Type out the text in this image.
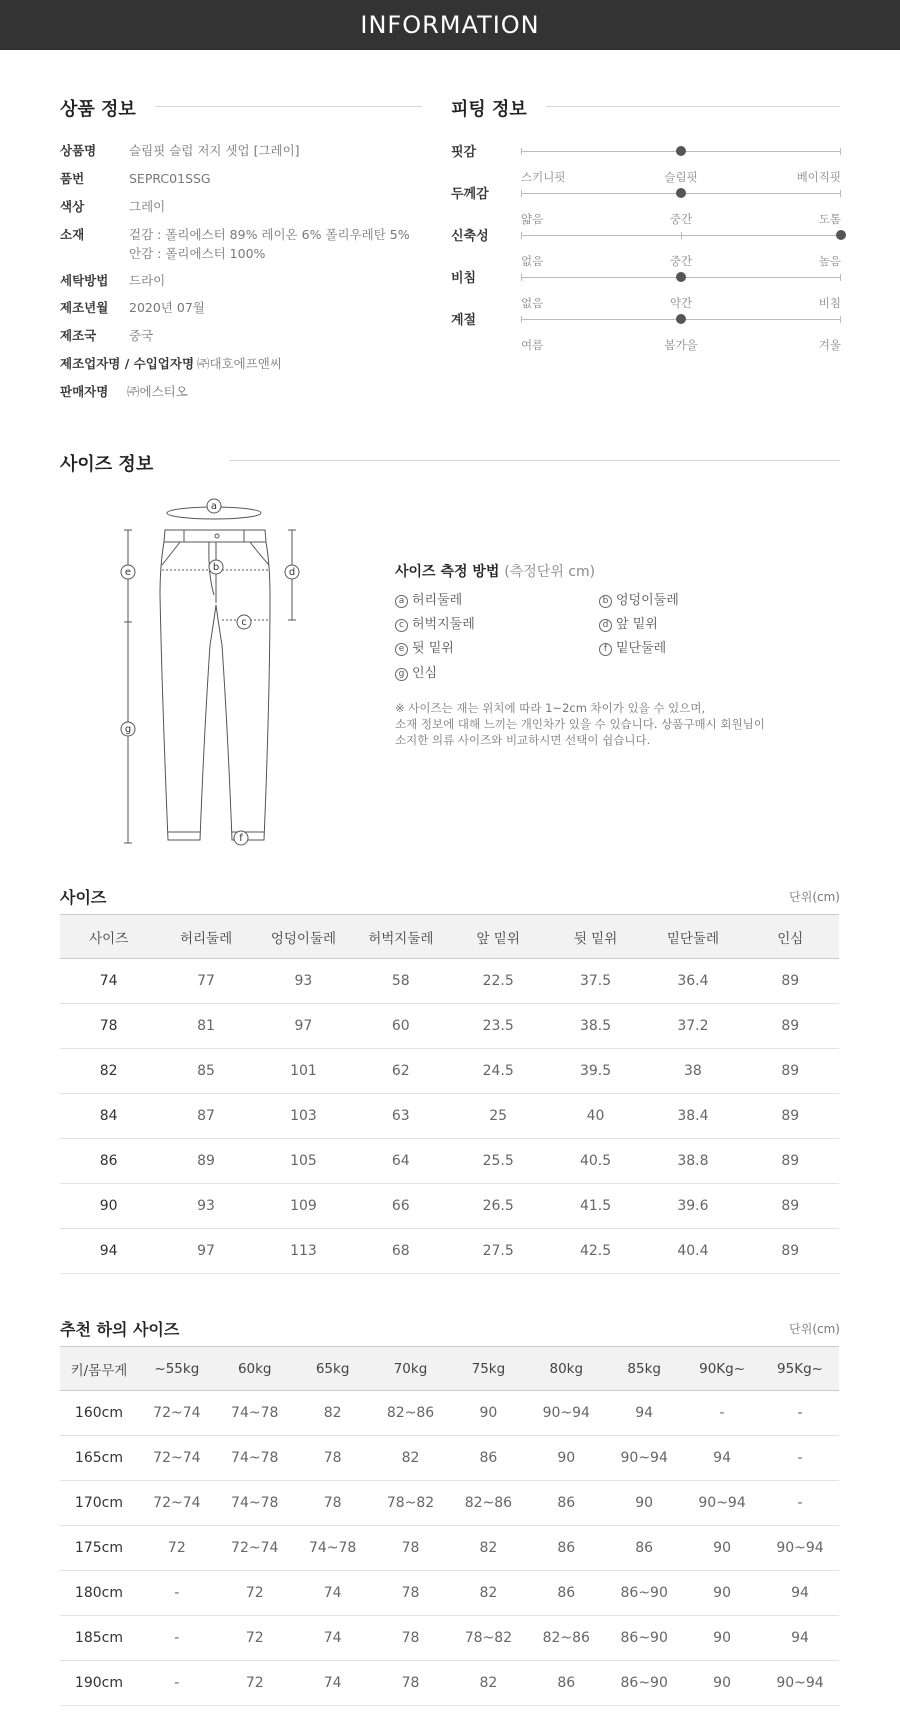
INFORMATION
상품 정보
상품명	슬림핏 슬럽 저지 셋업 [그레이]
품번	SEPRC01SSG
색상	그레이
소재	겉감 : 폴리에스터 89% 레이온 6% 폴리우레탄 5%
안감 : 폴리에스터 100%
세탁방법 드라이
제조년월 2020년 07월
제조국	중국
제조업자명 / 수입업자명 ㈜대호에프앤씨
판매자명 ㈜에스티오
피팅 정보
핏감
스키니핏	슬림핏	베이직핏
두께감
얇음	중간	도톰
신축성
없음	중간	높음
비침
없음	약간	비침
계절
여름	봄가을	겨울
사이즈 정보
a
b
c
d
e
f
g
사이즈 측정 방법 (측정단위 cm)
a 허리둘레	b 엉덩이둘레
c 허벅지둘레	d 앞 밑위
e 뒷 밑위	f 밑단둘레
g 인심
※ 사이즈는 재는 위치에 따라 1~2cm 차이가 있을 수 있으며,
소재 정보에 대해 느끼는 개인차가 있을 수 있습니다. 상품구매시 회원님이
소지한 의류 사이즈와 비교하시면 선택이 쉽습니다.
사이즈	단위(cm)
사이즈	허리둘레	엉덩이둘레	허벅지둘레	앞 밑위	뒷 밑위	밑단둘레	인심
74	77	93	58	22.5	37.5	36.4	89
78	81	97	60	23.5	38.5	37.2	89
82	85	101	62	24.5	39.5	38	89
84	87	103	63	25	40	38.4	89
86	89	105	64	25.5	40.5	38.8	89
90	93	109	66	26.5	41.5	39.6	89
94	97	113	68	27.5	42.5	40.4	89
추천 하의 사이즈	단위(cm)
키/몸무게	~55kg	60kg	65kg	70kg	75kg	80kg	85kg	90Kg~	95Kg~
160cm	72~74	74~78	82	82~86	90	90~94	94	-	-
165cm	72~74	74~78	78	82	86	90	90~94	94	-
170cm	72~74	74~78	78	78~82	82~86	86	90	90~94	-
175cm	72	72~74	74~78	78	82	86	86	90	90~94
180cm	-	72	74	78	82	86	86~90	90	94
185cm	-	72	74	78	78~82	82~86	86~90	90	94
190cm	-	72	74	78	82	86	86~90	90	90~94
